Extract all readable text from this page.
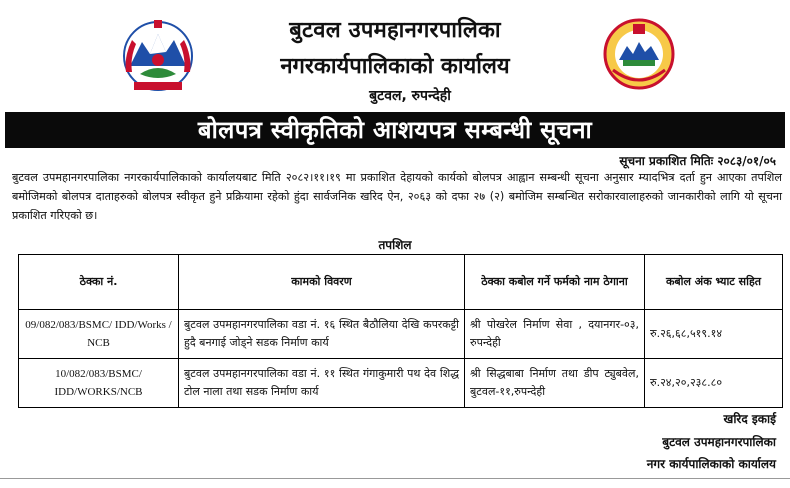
बुटवल उपमहानगरपालिका
नगरकार्यपालिकाको कार्यालय
बुटवल, रुपन्देही
बोलपत्र स्वीकृतिको आशयपत्र सम्बन्धी सूचना
सूचना प्रकाशित मितिः २०८३/०१/०५

बुटवल उपमहानगरपालिका नगरकार्यपालिकाको कार्यालयबाट मिति २०८२।११।१९ मा प्रकाशित देहायको कार्यको बोलपत्र आह्वान सम्बन्धी सूचना अनुसार म्यादभित्र दर्ता हुन आएका तपशिल बमोजिमको बोलपत्र दाताहरुको बोलपत्र स्वीकृत हुने प्रक्रियामा रहेको हुंदा सार्वजनिक खरिद ऐन, २०६३ को दफा २७ (२) बमोजिम सम्बन्धित सरोकारवालाहरुको जानकारीको लागि यो सूचना प्रकाशित गरिएको छ।

तपशिल
ठेक्का नं.	कामको विवरण	ठेक्का कबोल गर्ने फर्मको नाम ठेगाना	कबोल अंक भ्याट सहित
09/082/083/BSMC/ IDD/Works / NCB	बुटवल उपमहानगरपालिका वडा नं. १६ स्थित बैठौलिया देखि कपरकट्टी हुदै बनगाई जोड्ने सडक निर्माण कार्य	श्री पोखरेल निर्माण सेवा , दयानगर-०३, रुपन्देही	रु.२६,६८,५१९.१४
10/082/083/BSMC/ IDD/WORKS/NCB	बुटवल उपमहानगरपालिका वडा नं. ११ स्थित गंगाकुमारी पथ देव शिद्ध टोल नाला तथा सडक निर्माण कार्य	श्री सिद्धबाबा निर्माण तथा डीप ट्युबवेल, बुटवल-११,रुपन्देही	रु.२४,२०,२३८.८०
खरिद इकाई
बुटवल उपमहानगरपालिका
नगर कार्यपालिकाको कार्यालय
